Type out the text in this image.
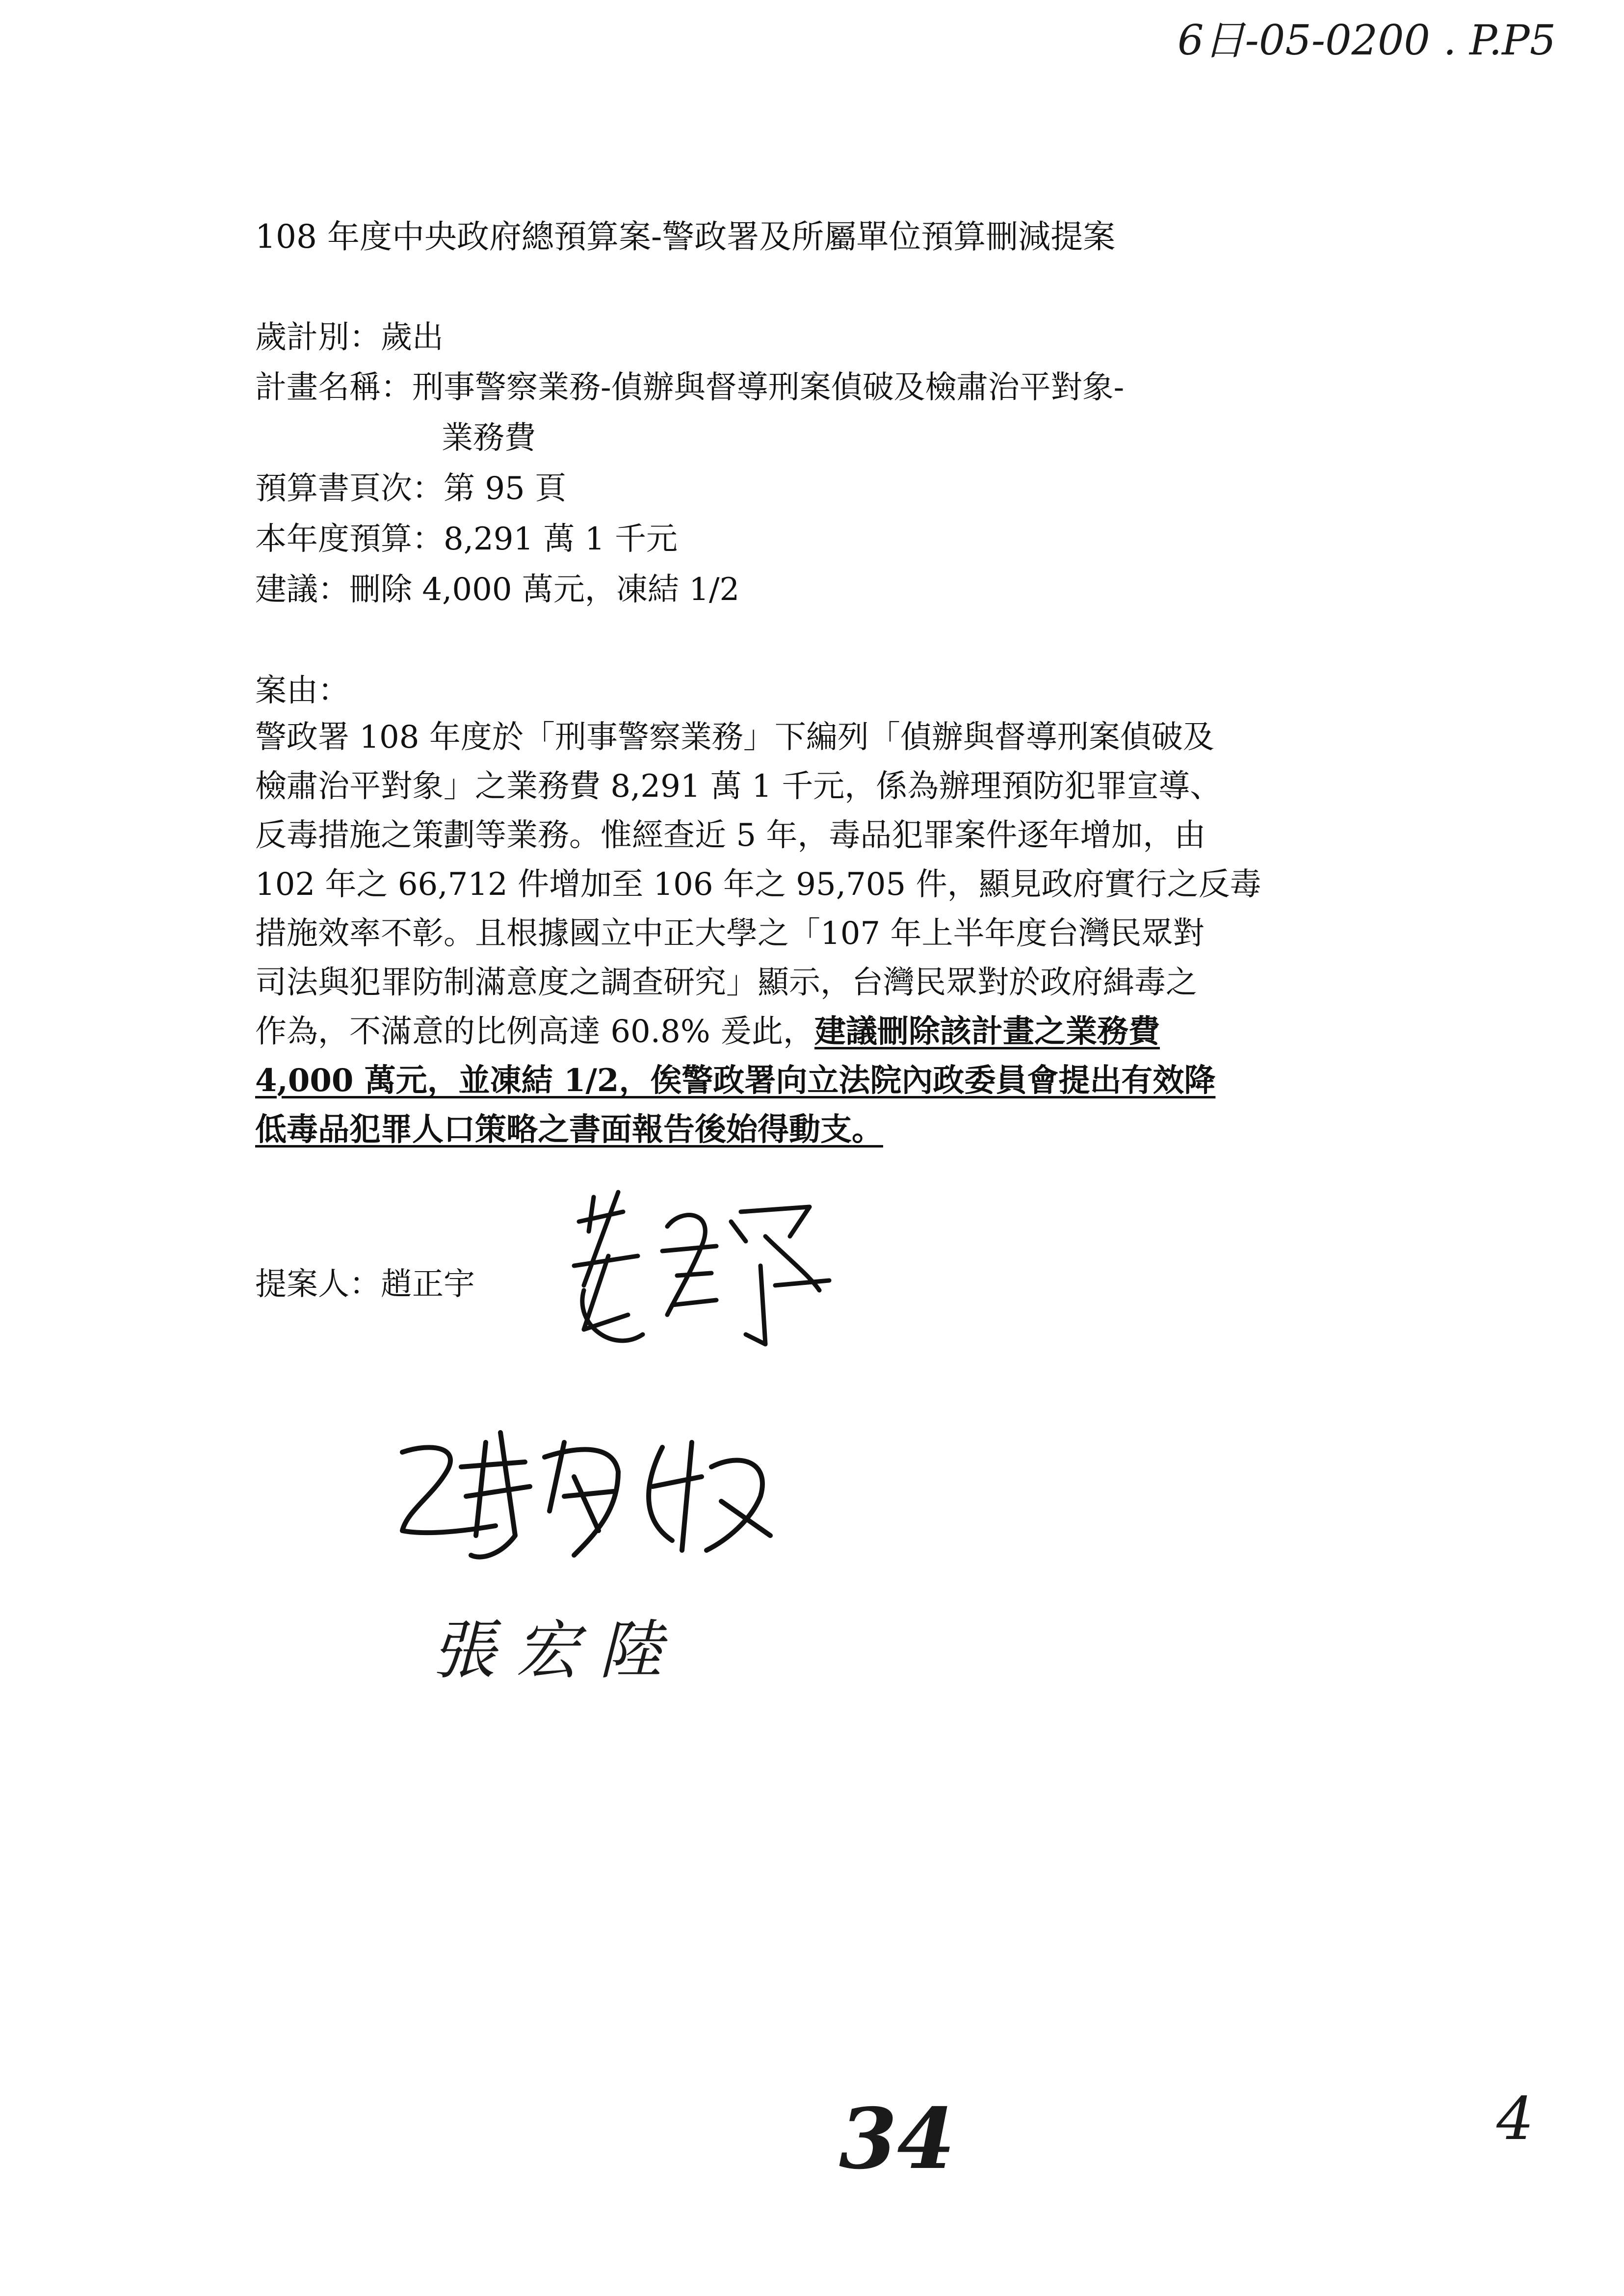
6日-05-0200 . P.P5
108 年度中央政府總預算案-警政署及所屬單位預算刪減提案
歲計別：歲出
計畫名稱：刑事警察業務-偵辦與督導刑案偵破及檢肅治平對象-
業務費
預算書頁次：第 95 頁
本年度預算：8,291 萬 1 千元
建議：刪除 4,000 萬元，凍結 1/2
案由：
警政署 108 年度於「刑事警察業務」下編列「偵辦與督導刑案偵破及
檢肅治平對象」之業務費 8,291 萬 1 千元，係為辦理預防犯罪宣導、
反毒措施之策劃等業務。惟經查近 5 年，毒品犯罪案件逐年增加，由
102 年之 66,712 件增加至 106 年之 95,705 件，顯見政府實行之反毒
措施效率不彰。且根據國立中正大學之「107 年上半年度台灣民眾對
司法與犯罪防制滿意度之調查研究」顯示，台灣民眾對於政府緝毒之
作為，不滿意的比例高達 60.8% 爰此，建議刪除該計畫之業務費
4,000 萬元，並凍結 1/2，俟警政署向立法院內政委員會提出有效降
低毒品犯罪人口策略之書面報告後始得動支。
提案人：趙正宇
張宏陸
34	4
